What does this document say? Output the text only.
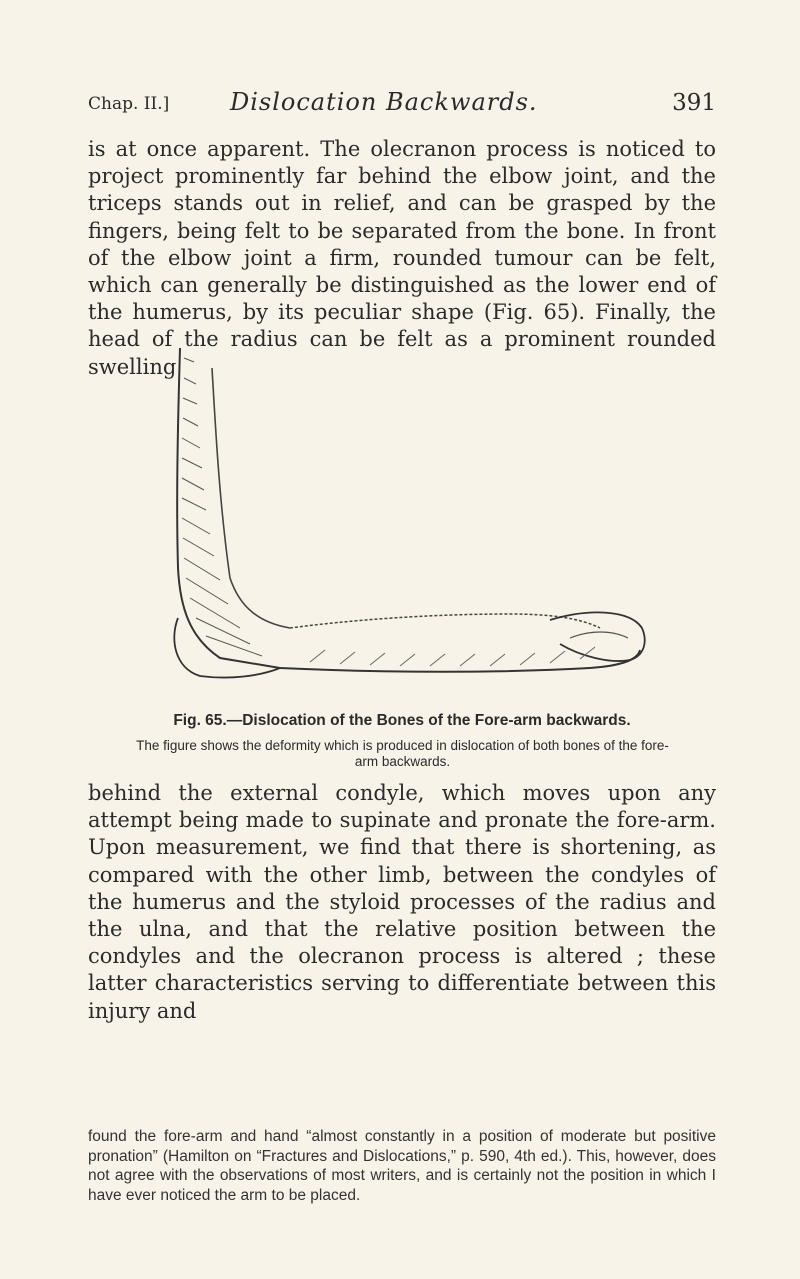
Chap. II.]	Dislocation Backwards.	391

is at once apparent. The olecranon process is noticed to project prominently far behind the elbow joint, and the triceps stands out in relief, and can be grasped by the fingers, being felt to be separated from the bone. In front of the elbow joint a firm, rounded tumour can be felt, which can generally be distinguished as the lower end of the humerus, by its peculiar shape (Fig. 65). Finally, the head of the radius can be felt as a prominent rounded swelling

Fig. 65.—Dislocation of the Bones of the Fore-arm backwards.
The figure shows the deformity which is produced in dislocation of both bones of the fore-arm backwards.

behind the external condyle, which moves upon any attempt being made to supinate and pronate the fore-arm. Upon measurement, we find that there is shortening, as compared with the other limb, between the condyles of the humerus and the styloid processes of the radius and the ulna, and that the relative position between the condyles and the olecranon process is altered ; these latter characteristics serving to differentiate between this injury and

found the fore-arm and hand “almost constantly in a position of moderate but positive pronation” (Hamilton on “Fractures and Dislocations,” p. 590, 4th ed.). This, however, does not agree with the observations of most writers, and is certainly not the position in which I have ever noticed the arm to be placed.
